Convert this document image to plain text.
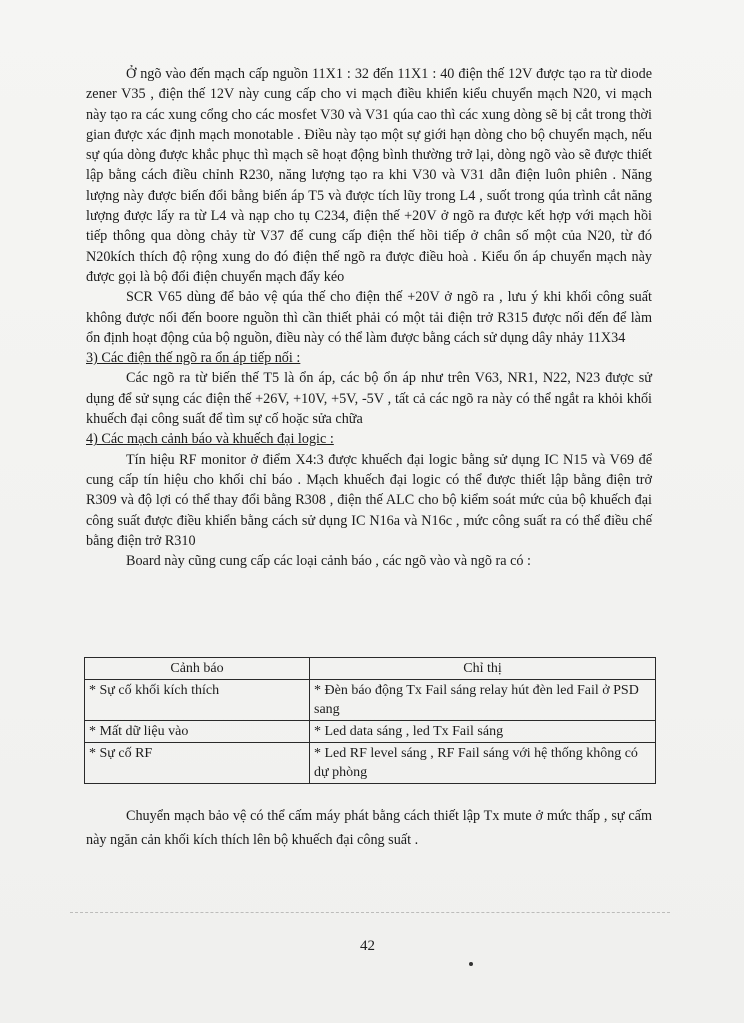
Ở ngõ vào đến mạch cấp nguồn 11X1 : 32 đến 11X1 : 40 điện thế 12V được tạo ra từ diode zener V35 , điện thế 12V này cung cấp cho vi mạch điều khiển kiểu chuyển mạch N20, vi mạch này tạo ra các xung cổng cho các mosfet V30 và V31 qúa cao thì các xung dòng sẽ bị cắt trong thời gian được xác định mạch monotable . Điều này tạo một sự giới hạn dòng cho bộ chuyển mạch, nếu sự qúa dòng được khắc phục thì mạch sẽ hoạt động bình thường trở lại, dòng ngõ vào sẽ được thiết lập bằng cách điều chỉnh R230, năng lượng tạo ra khi V30 và V31 dẫn điện luôn phiên . Năng lượng này được biến đổi bằng biến áp T5 và được tích lũy trong L4 , suốt trong qúa trình cắt năng lượng được lấy ra từ L4 và nạp cho tụ C234, điện thế +20V ở ngõ ra được kết hợp với mạch hồi tiếp thông qua dòng chảy từ V37 để cung cấp điện thế hồi tiếp ở chân số một của N20, từ đó N20kích thích độ rộng xung do đó điện thế ngõ ra được điều hoà . Kiểu ổn áp chuyển mạch này được gọi là bộ đổi điện chuyển mạch đẩy kéo

SCR V65 dùng để bảo vệ qúa thế cho điện thế +20V ở ngõ ra , lưu ý khi khối công suất không được nối đến boore nguồn thì cần thiết phải có một tải điện trở R315 được nối đến để làm ổn định hoạt động của bộ nguồn, điều này có thể làm được bằng cách sử dụng dây nhảy 11X34

3) Các điện thế ngõ ra ổn áp tiếp nối :

Các ngõ ra từ biến thế T5 là ổn áp, các bộ ổn áp như trên V63, NR1, N22, N23 được sử dụng để sử sụng các điện thế +26V, +10V, +5V, -5V , tất cả các ngõ ra này có thể ngắt ra khỏi khối khuếch đại công suất để tìm sự cố hoặc sửa chữa

4) Các mạch cảnh báo và khuếch đại logic :

Tín hiệu RF monitor ở điểm X4:3 được khuếch đại logic bằng sử dụng IC N15 và V69 để cung cấp tín hiệu cho khối chỉ báo . Mạch khuếch đại logic có thể được thiết lập bằng điện trở R309 và độ lợi có thể thay đổi bằng R308 , điện thế ALC cho bộ kiểm soát mức của bộ khuếch đại công suất được điều khiển bằng cách sử dụng IC N16a và N16c , mức công suất ra có thể điều chế bằng điện trở R310

Board này cũng cung cấp các loại cảnh báo , các ngõ vào và ngõ ra có :

Cảnh báo	Chỉ thị
* Sự cố khối kích thích	* Đèn báo động Tx Fail sáng relay hút đèn led Fail ở PSD sang
* Mất dữ liệu vào	* Led data sáng , led Tx Fail sáng
* Sự cố RF	* Led RF level sáng , RF Fail sáng với hệ thống không có dự phòng

Chuyển mạch bảo vệ có thể cấm máy phát bằng cách thiết lập Tx mute ở mức thấp , sự cấm này ngăn cản khối kích thích lên bộ khuếch đại công suất .

42
